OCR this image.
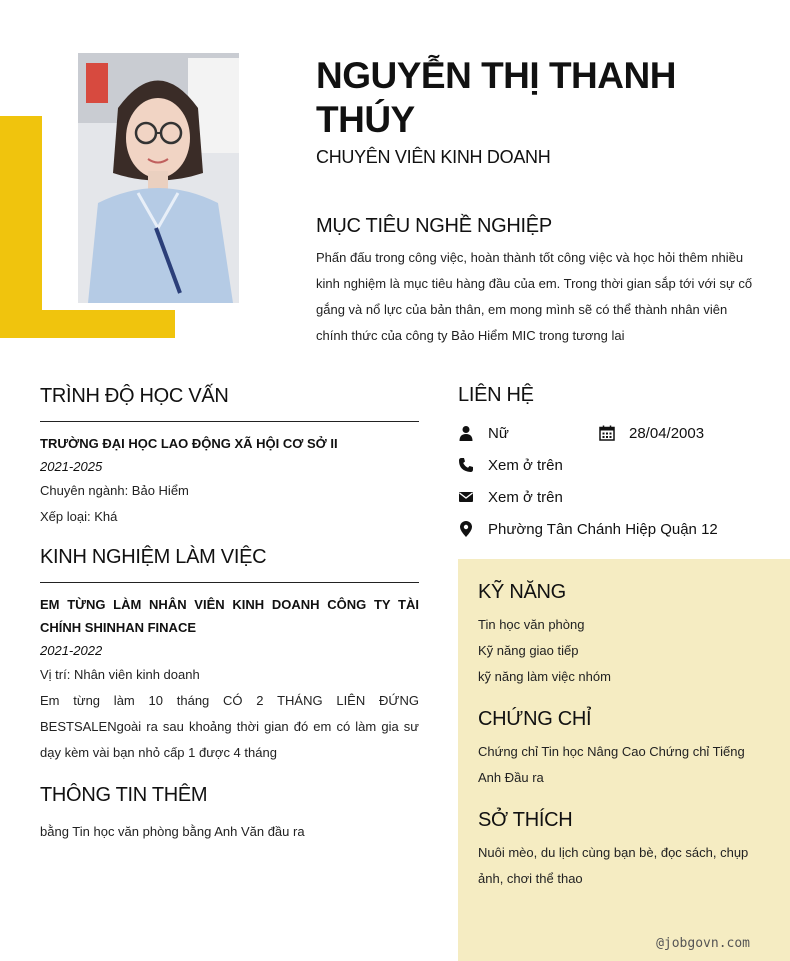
NGUYỄN THỊ THANH THÚY
CHUYÊN VIÊN KINH DOANH
MỤC TIÊU NGHỀ NGHIỆP
Phấn đấu trong công việc, hoàn thành tốt công việc và học hỏi thêm nhiều kinh nghiệm là mục tiêu hàng đầu của em. Trong thời gian sắp tới với sự cố gắng và nổ lực của bản thân, em mong mình sẽ có thể thành nhân viên chính thức của công ty Bảo Hiểm MIC trong tương lai
TRÌNH ĐỘ HỌC VẤN
TRƯỜNG ĐẠI HỌC LAO ĐỘNG XÃ HỘI CƠ SỞ II
2021-2025
Chuyên ngành: Bảo Hiểm
Xếp loại: Khá
KINH NGHIỆM LÀM VIỆC
EM TỪNG LÀM NHÂN VIÊN KINH DOANH CÔNG TY TÀI CHÍNH SHINHAN FINACE
2021-2022
Vị trí: Nhân viên kinh doanh
Em từng làm 10 tháng CÓ 2 THÁNG LIÊN ĐỨNG BESTSALENgoài ra sau khoảng thời gian đó em có làm gia sư dạy kèm vài bạn nhỏ cấp 1 được 4 tháng
THÔNG TIN THÊM
bằng Tin học văn phòng bằng Anh Văn đầu ra
LIÊN HỆ
Nữ	28/04/2003
Xem ở trên
Xem ở trên
Phường Tân Chánh Hiệp Quận 12
KỸ NĂNG
Tin học văn phòng
Kỹ năng giao tiếp
kỹ năng làm việc nhóm
CHỨNG CHỈ
Chứng chỉ Tin học Nâng Cao Chứng chỉ Tiếng Anh Đầu ra
SỞ THÍCH
Nuôi mèo, du lịch cùng bạn bè, đọc sách, chụp ảnh, chơi thể thao
@jobgovn.com
